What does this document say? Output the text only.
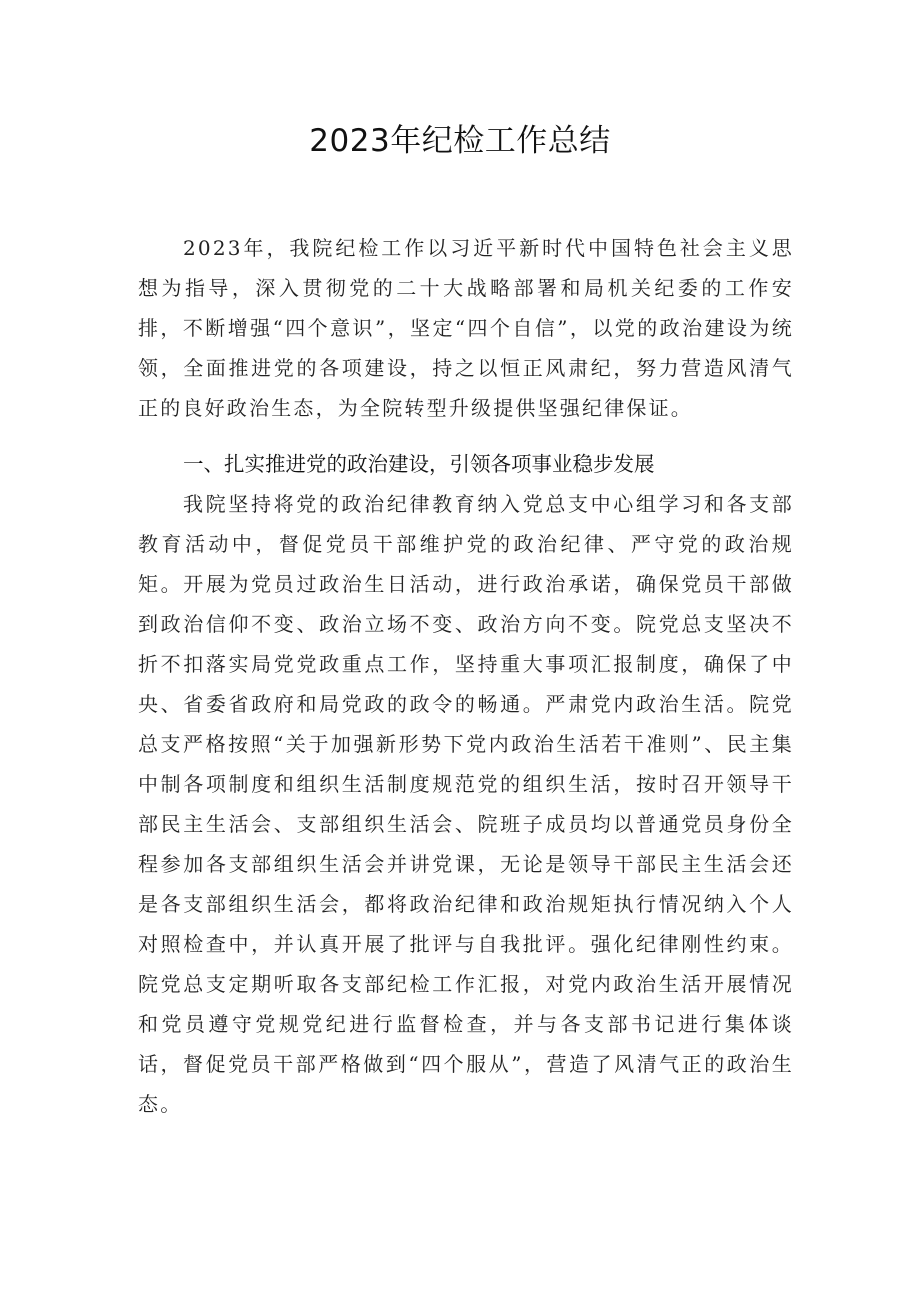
2023年纪检工作总结

2023年，我院纪检工作以习近平新时代中国特色社会主义思想为指导，深入贯彻党的二十大战略部署和局机关纪委的工作安排，不断增强“四个意识”，坚定“四个自信”，以党的政治建设为统领，全面推进党的各项建设，持之以恒正风肃纪，努力营造风清气正的良好政治生态，为全院转型升级提供坚强纪律保证。

一、扎实推进党的政治建设，引领各项事业稳步发展

我院坚持将党的政治纪律教育纳入党总支中心组学习和各支部教育活动中，督促党员干部维护党的政治纪律、严守党的政治规矩。开展为党员过政治生日活动，进行政治承诺，确保党员干部做到政治信仰不变、政治立场不变、政治方向不变。院党总支坚决不折不扣落实局党党政重点工作，坚持重大事项汇报制度，确保了中央、省委省政府和局党政的政令的畅通。严肃党内政治生活。院党总支严格按照“关于加强新形势下党内政治生活若干准则”、民主集中制各项制度和组织生活制度规范党的组织生活，按时召开领导干部民主生活会、支部组织生活会、院班子成员均以普通党员身份全程参加各支部组织生活会并讲党课，无论是领导干部民主生活会还是各支部组织生活会，都将政治纪律和政治规矩执行情况纳入个人对照检查中，并认真开展了批评与自我批评。强化纪律刚性约束。院党总支定期听取各支部纪检工作汇报，对党内政治生活开展情况和党员遵守党规党纪进行监督检查，并与各支部书记进行集体谈话，督促党员干部严格做到“四个服从”，营造了风清气正的政治生态。
